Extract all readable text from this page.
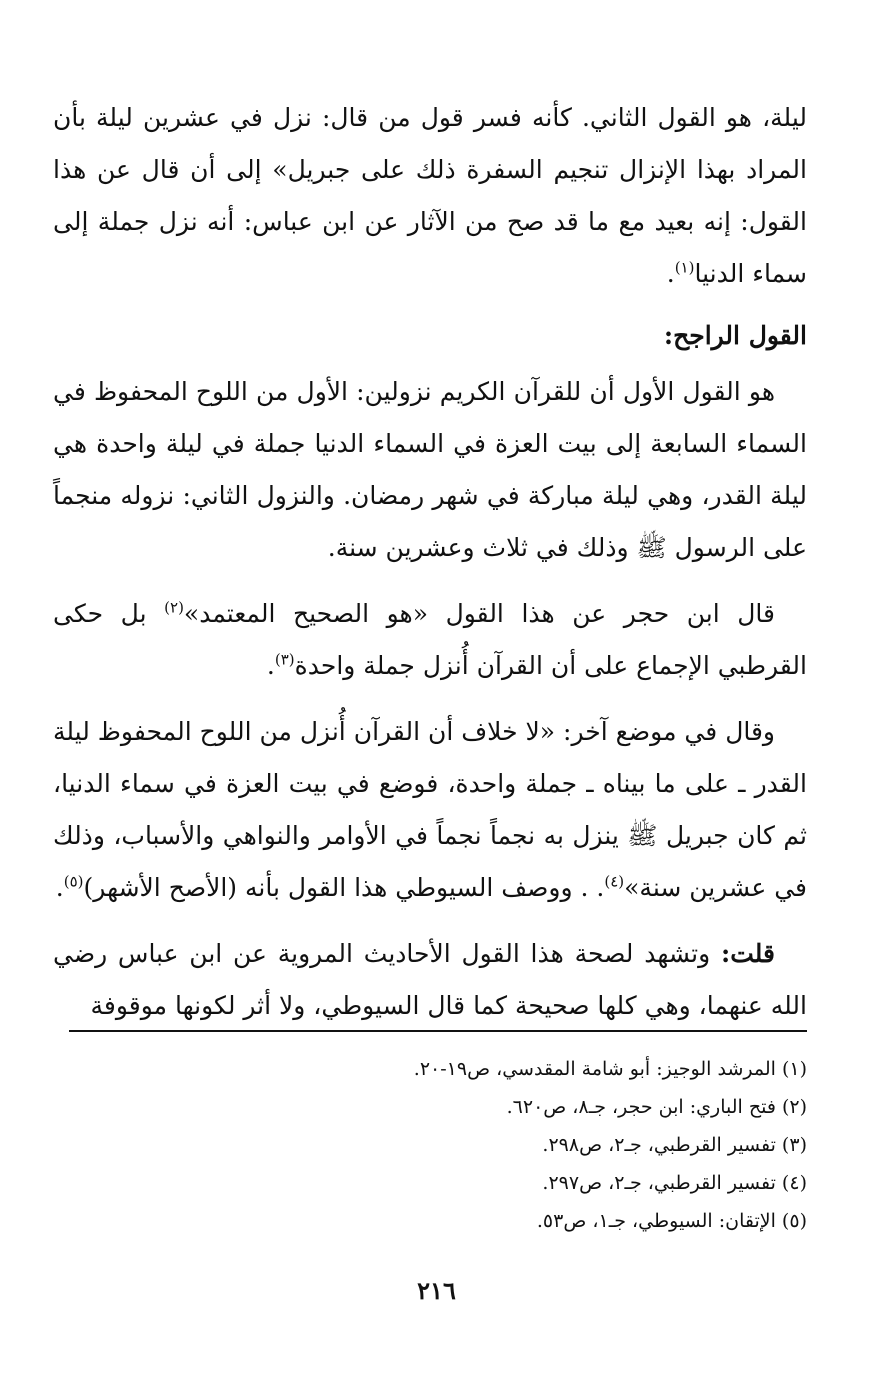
ليلة، هو القول الثاني. كأنه فسر قول من قال: نزل في عشرين ليلة بأن المراد بهذا الإنزال تنجيم السفرة ذلك على جبريل» إلى أن قال عن هذا القول: إنه بعيد مع ما قد صح من الآثار عن ابن عباس: أنه نزل جملة إلى سماء الدنيا$^{(١)}$.

القول الراجح:

هو القول الأول أن للقرآن الكريم نزولين: الأول من اللوح المحفوظ في السماء السابعة إلى بيت العزة في السماء الدنيا جملة في ليلة واحدة هي ليلة القدر، وهي ليلة مباركة في شهر رمضان. والنزول الثاني: نزوله منجماً على الرسول ﷺ وذلك في ثلاث وعشرين سنة.

قال ابن حجر عن هذا القول «هو الصحيح المعتمد»$^{(٢)}$ بل حكى القرطبي الإجماع على أن القرآن أُنزل جملة واحدة$^{(٣)}$.

وقال في موضع آخر: «لا خلاف أن القرآن أُنزل من اللوح المحفوظ ليلة القدر ـ على ما بيناه ـ جملة واحدة، فوضع في بيت العزة في سماء الدنيا، ثم كان جبريل ﷺ ينزل به نجماً نجماً في الأوامر والنواهي والأسباب، وذلك في عشرين سنة»$^{(٤)}$. . ووصف السيوطي هذا القول بأنه (الأصح الأشهر)$^{(٥)}$.

قلت: وتشهد لصحة هذا القول الأحاديث المروية عن ابن عباس رضي الله عنهما، وهي كلها صحيحة كما قال السيوطي، ولا أثر لكونها موقوفة

(١) المرشد الوجيز: أبو شامة المقدسي، ص١٩-٢٠.
(٢) فتح الباري: ابن حجر، جـ٨، ص٦٢٠.
(٣) تفسير القرطبي، جـ٢، ص٢٩٨.
(٤) تفسير القرطبي، جـ٢، ص٢٩٧.
(٥) الإتقان: السيوطي، جـ١، ص٥٣.
٢١٦
